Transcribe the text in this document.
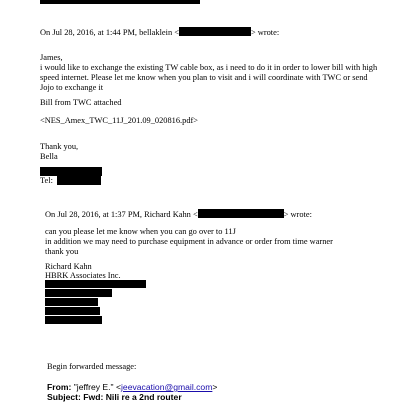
On Jul 28, 2016, at 1:44 PM, bellaklein <	> wrote:
James,
i would like to exchange the existing TW cable box, as i need to do it in order to lower bill with high
speed internet. Please let me know when you plan to visit and i will coordinate with TWC or send
Jojo to exchange it
Bill from TWC attached
<NES_Amex_TWC_11J_201.09_020816.pdf>
Thank you,
Bella
Tel:
On Jul 28, 2016, at 1:37 PM, Richard Kahn <	> wrote:
can you please let me know when you can go over to 11J
in addition we may need to purchase equipment in advance or order from time warner
thank you
Richard Kahn
HBRK Associates Inc.
Begin forwarded message:
From: "jeffrey E." <jeevacation@gmail.com>
Subject: Fwd: Nili re a 2nd router
